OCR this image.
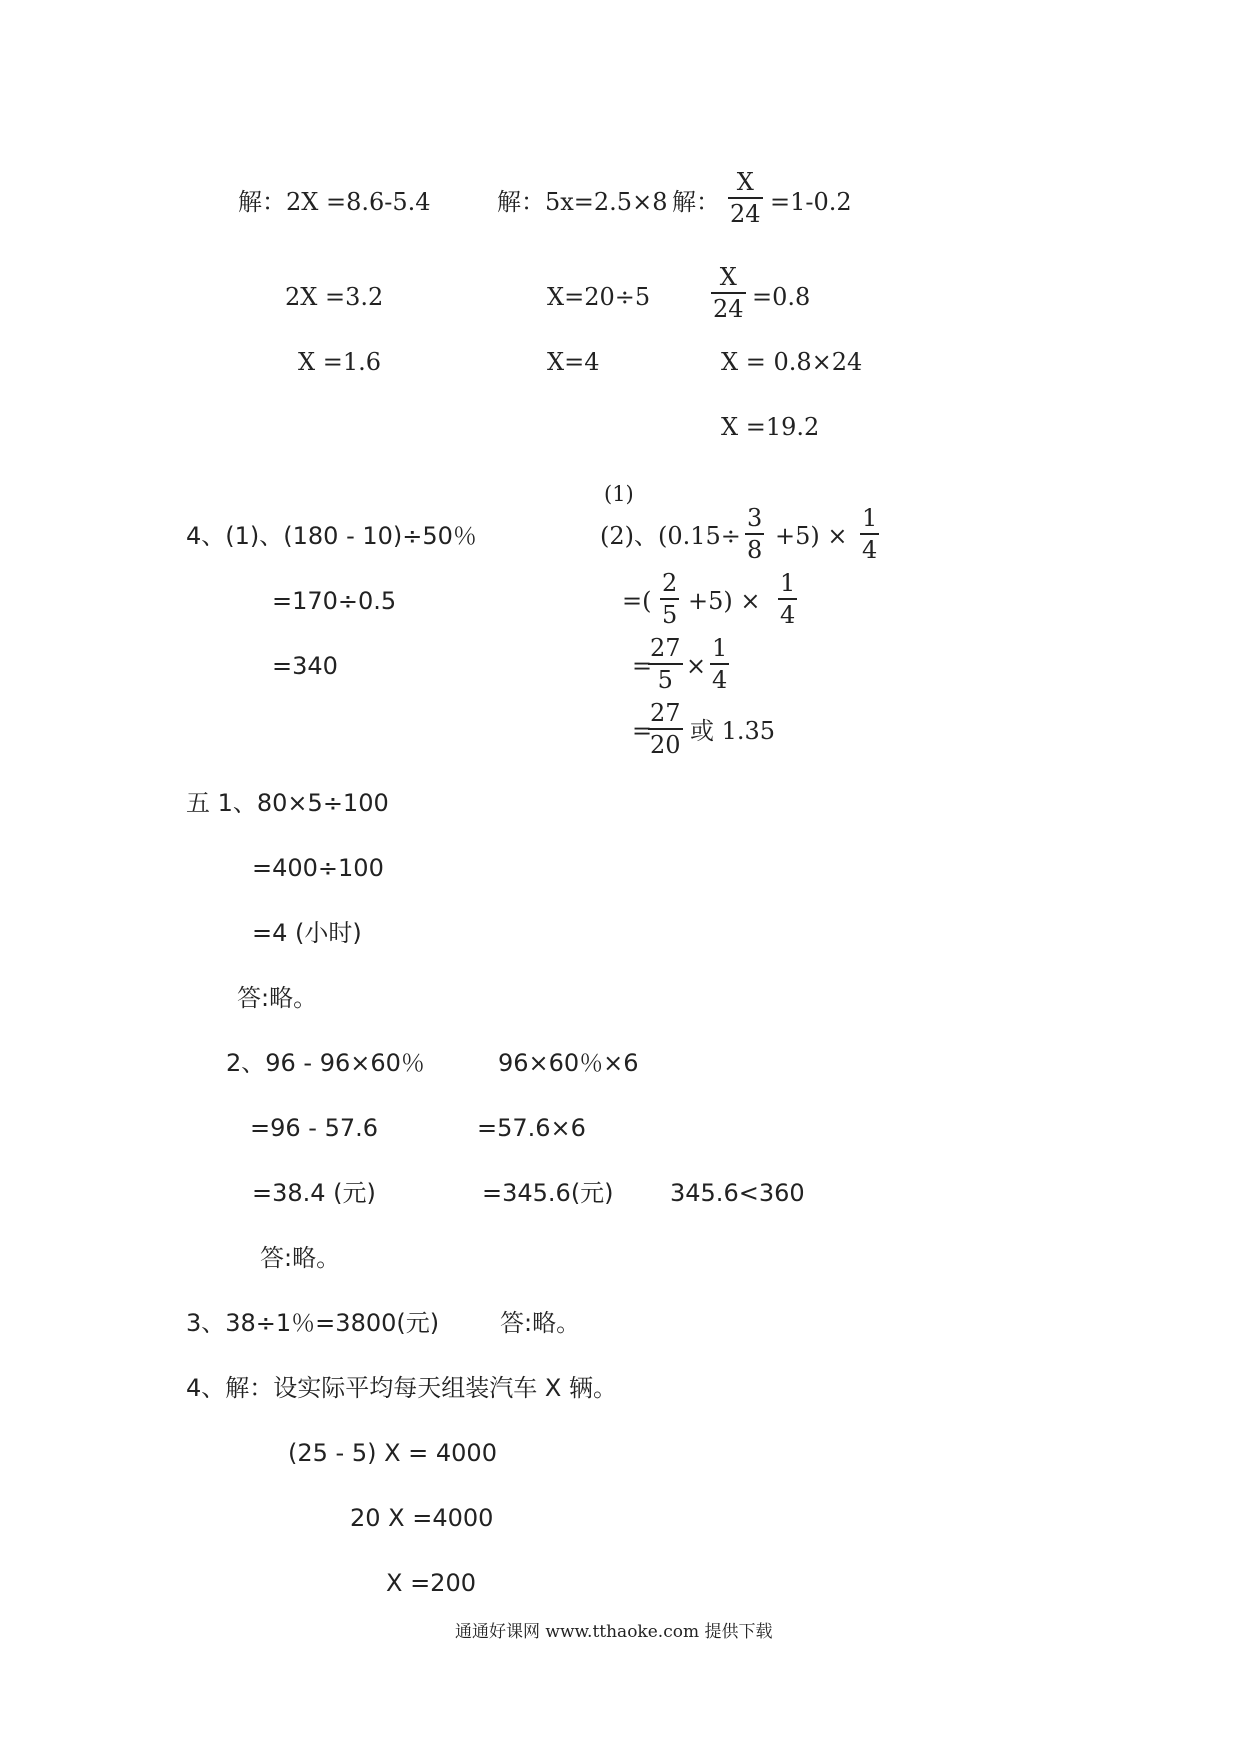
解：2X =8.6-5.4	解：5x=2.5×8 解：
X
24 =1-0.2
2X =3.2	X=20÷5
X
24 =0.8
X =1.6	X=4	X = 0.8×24
X =19.2
(1)
4、(1)、(180 - 10)÷50％
=170÷0.5
=340
(2)、(0.15÷
3
8 +5) ×
1
4
=(
2
5 +5) ×
1
4
=
27
5 ×
1
4
=
27
20 或 1.35
五 1、80×5÷100
=400÷100
=4 (小时)
答:略。
2、96 - 96×60％	96×60％×6
=96 - 57.6	=57.6×6
=38.4 (元)	=345.6(元) 345.6<360
答:略。
3、38÷1％=3800(元)	答:略。
4、解：设实际平均每天组装汽车 X 辆。
(25 - 5) X = 4000
20 X =4000
X =200
通通好课网 www.tthaoke.com 提供下载
